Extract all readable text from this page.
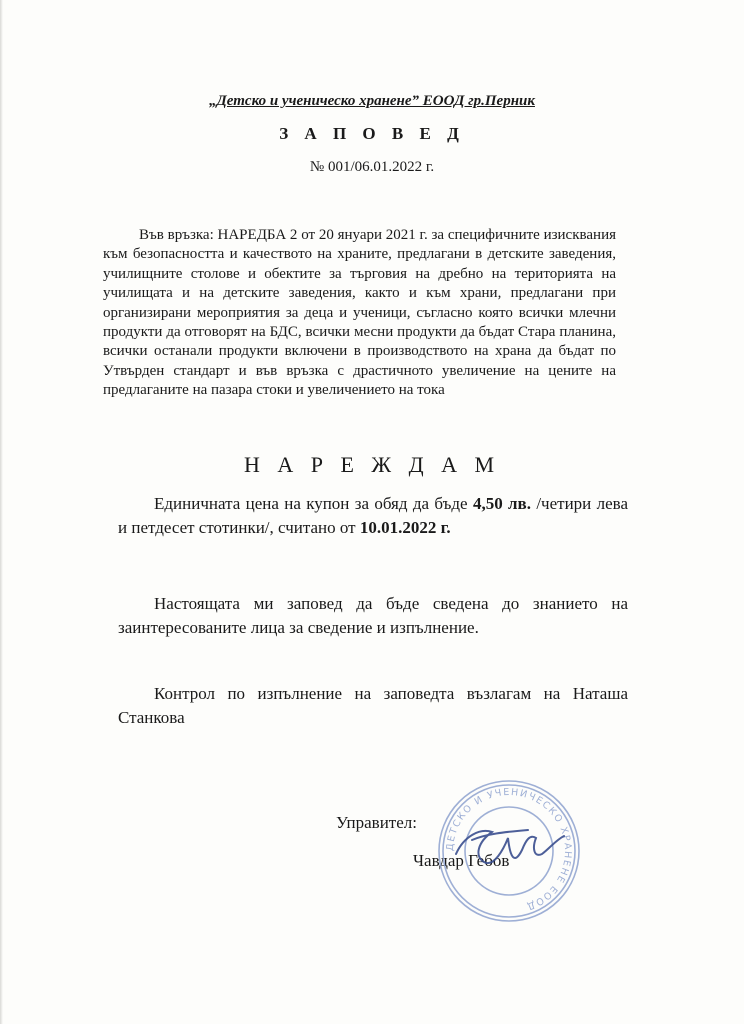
„Детско и ученическо хранене” ЕООД гр.Перник
З А П О В Е Д
№ 001/06.01.2022 г.
Във връзка: НАРЕДБА 2 от 20 януари 2021 г. за специфичните изисквания към безопасността и качеството на храните, предлагани в детските заведения, училищните столове и обектите за търговия на дребно на територията на училищата и на детските заведения, както и към храни, предлагани при организирани мероприятия за деца и ученици, съгласно която всички млечни продукти да отговорят на БДС, всички месни продукти да бъдат Стара планина, всички останали продукти включени в производството на храна да бъдат по Утвърден стандарт и във връзка с драстичното увеличение на цените на предлаганите на пазара стоки и увеличението на тока
Н А Р Е Ж Д А М
Единичната цена на купон за обяд да бъде 4,50 лв. /четири лева и петдесет стотинки/, считано от 10.01.2022 г.
Настоящата ми заповед да бъде сведена до знанието на заинтересованите лица за сведение и изпълнение.
Контрол по изпълнение на заповедта възлагам на Наташа Станкова
Управител:
Чавдар Гебов
ДЕТСКО И УЧЕНИЧЕСКО ХРАНЕНЕ ЕООД
